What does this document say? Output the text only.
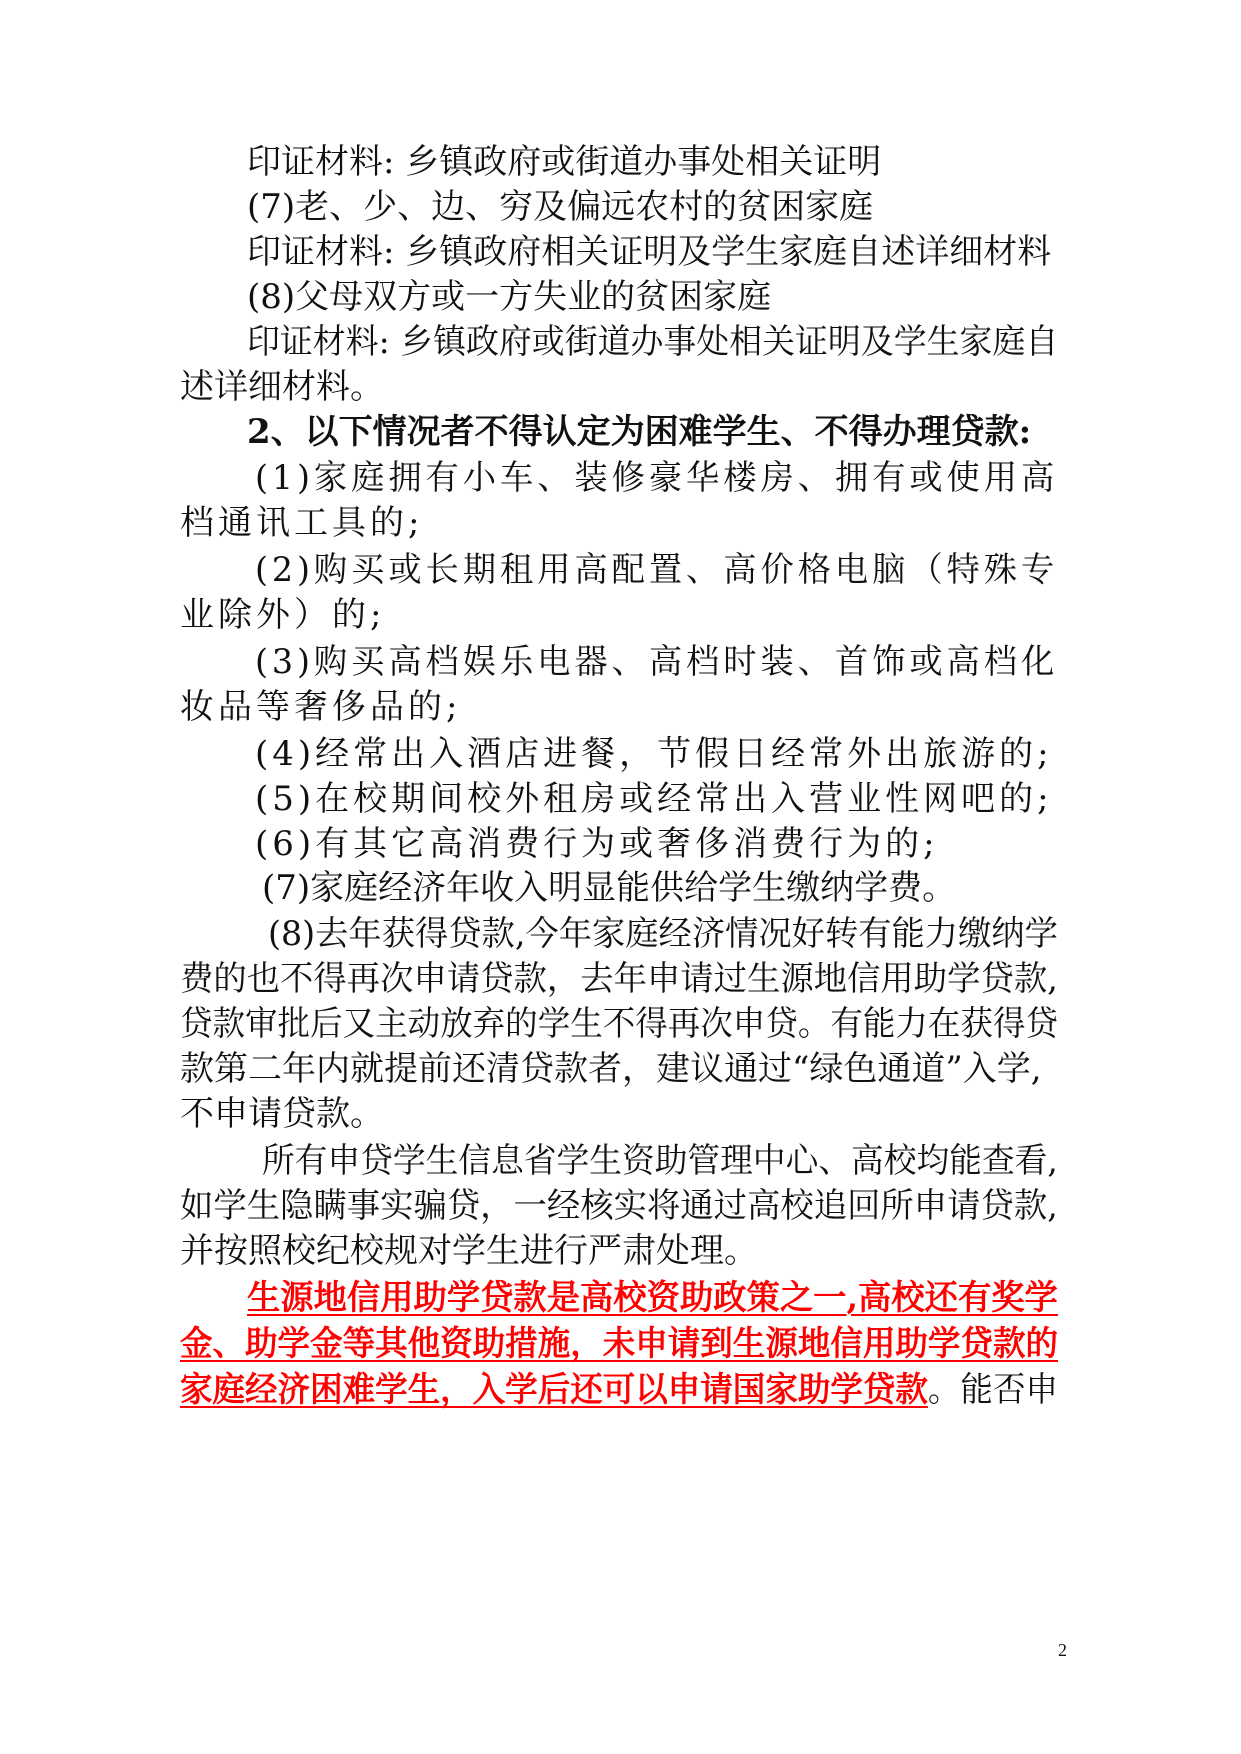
印证材料: 乡镇政府或街道办事处相关证明
(7)老、少、边、穷及偏远农村的贫困家庭
印证材料: 乡镇政府相关证明及学生家庭自述详细材料
(8)父母双方或一方失业的贫困家庭
印证材料: 乡镇政府或街道办事处相关证明及学生家庭自
述详细材料。
2、以下情况者不得认定为困难学生、不得办理贷款:
(1)家庭拥有小车、装修豪华楼房、拥有或使用高
档通讯工具的;
(2)购买或长期租用高配置、高价格电脑（特殊专
业除外）的;
(3)购买高档娱乐电器、高档时装、首饰或高档化
妆品等奢侈品的;
(4)经常出入酒店进餐，节假日经常外出旅游的;
(5)在校期间校外租房或经常出入营业性网吧的;
(6)有其它高消费行为或奢侈消费行为的;
(7)家庭经济年收入明显能供给学生缴纳学费。
(8)去年获得贷款,今年家庭经济情况好转有能力缴纳学
费的也不得再次申请贷款，去年申请过生源地信用助学贷款,
贷款审批后又主动放弃的学生不得再次申贷。有能力在获得贷
款第二年内就提前还清贷款者，建议通过“绿色通道”入学,
不申请贷款。
所有申贷学生信息省学生资助管理中心、高校均能查看,
如学生隐瞒事实骗贷，一经核实将通过高校追回所申请贷款,
并按照校纪校规对学生进行严肃处理。
生源地信用助学贷款是高校资助政策之一,高校还有奖学
金、助学金等其他资助措施，未申请到生源地信用助学贷款的
家庭经济困难学生，入学后还可以申请国家助学贷款。能否申
2
